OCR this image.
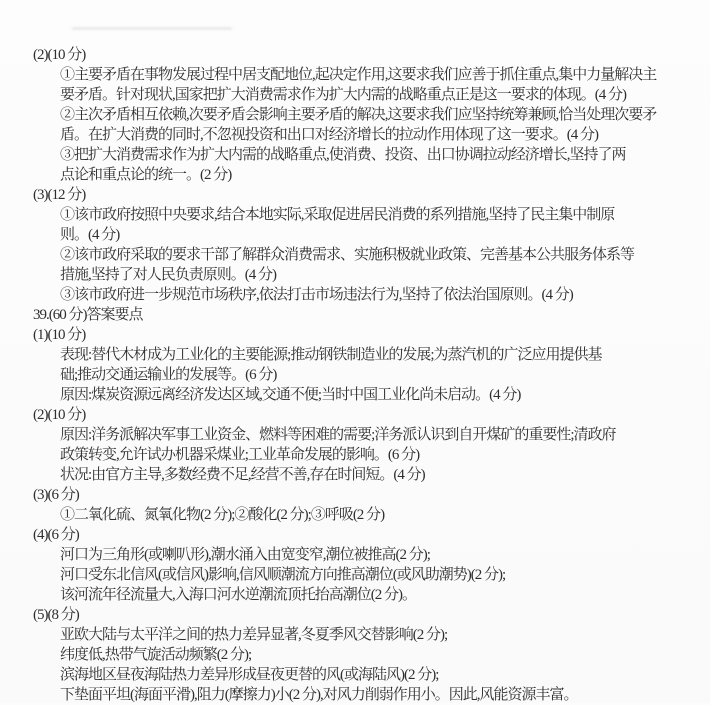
(2)(10 分)
①主要矛盾在事物发展过程中居支配地位,起决定作用,这要求我们应善于抓住重点,集中力量解决主
要矛盾。针对现状,国家把扩大消费需求作为扩大内需的战略重点正是这一要求的体现。(4 分)
②主次矛盾相互依赖,次要矛盾会影响主要矛盾的解决,这要求我们应坚持统筹兼顾,恰当处理次要矛
盾。在扩大消费的同时,不忽视投资和出口对经济增长的拉动作用体现了这一要求。(4 分)
③把扩大消费需求作为扩大内需的战略重点,使消费、投资、出口协调拉动经济增长,坚持了两
点论和重点论的统一。(2 分)
(3)(12 分)
①该市政府按照中央要求,结合本地实际,采取促进居民消费的系列措施,坚持了民主集中制原
则。(4 分)
②该市政府采取的要求干部了解群众消费需求、实施积极就业政策、完善基本公共服务体系等
措施,坚持了对人民负责原则。(4 分)
③该市政府进一步规范市场秩序,依法打击市场违法行为,坚持了依法治国原则。(4 分)
39.(60 分)答案要点
(1)(10 分)
表现:替代木材成为工业化的主要能源;推动钢铁制造业的发展;为蒸汽机的广泛应用提供基
础;推动交通运输业的发展等。(6 分)
原因:煤炭资源远离经济发达区域,交通不便;当时中国工业化尚未启动。(4 分)
(2)(10 分)
原因:洋务派解决军事工业资金、燃料等困难的需要;洋务派认识到自开煤矿的重要性;清政府
政策转变,允许试办机器采煤业;工业革命发展的影响。(6 分)
状况:由官方主导,多数经费不足,经营不善,存在时间短。(4 分)
(3)(6 分)
①二氧化硫、氮氧化物(2 分);②酸化(2 分);③呼吸(2 分)
(4)(6 分)
河口为三角形(或喇叭形),潮水涌入由宽变窄,潮位被推高(2 分);
河口受东北信风(或信风)影响,信风顺潮流方向推高潮位(或风助潮势)(2 分);
该河流年径流量大,入海口河水逆潮流顶托抬高潮位(2 分)。
(5)(8 分)
亚欧大陆与太平洋之间的热力差异显著,冬夏季风交替影响(2 分);
纬度低,热带气旋活动频繁(2 分);
滨海地区昼夜海陆热力差异形成昼夜更替的风(或海陆风)(2 分);
下垫面平坦(海面平滑),阻力(摩擦力)小(2 分),对风力削弱作用小。因此,风能资源丰富。
